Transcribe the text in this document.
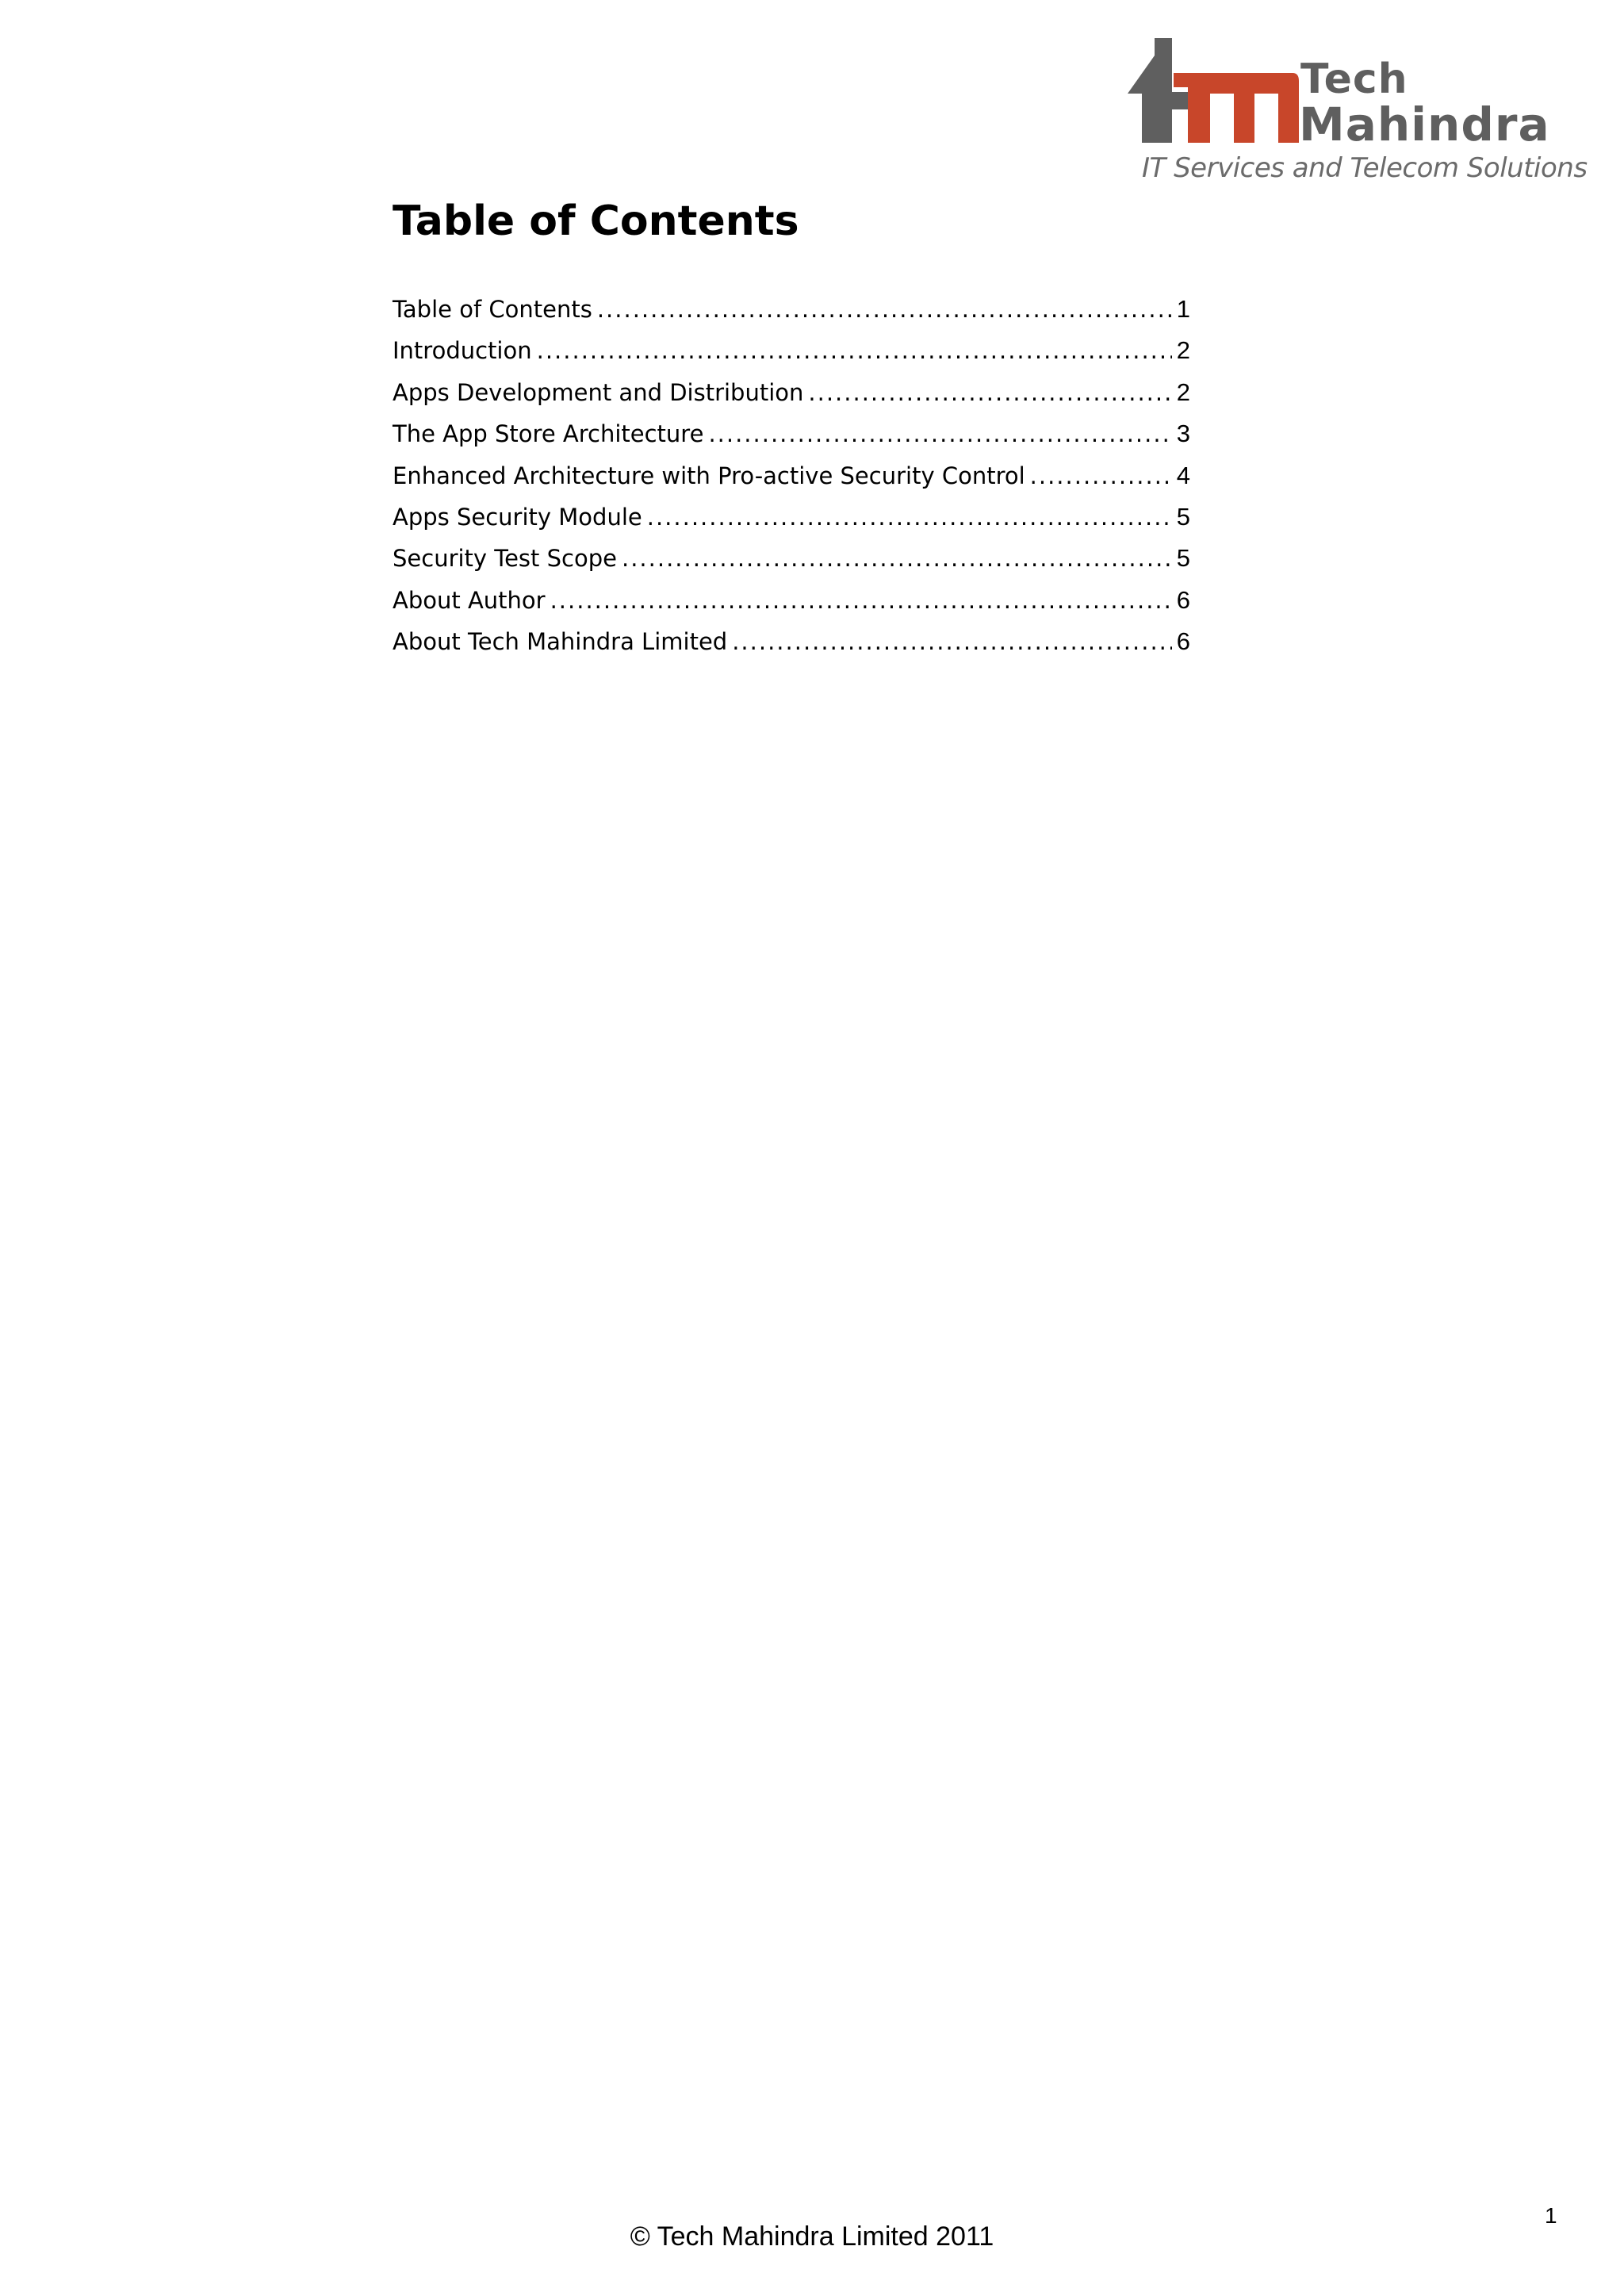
Tech
Mahindra
IT Services and Telecom Solutions
Table of Contents
Table of Contents .....	1
Introduction .....	2
Apps Development and Distribution .....	2
The App Store Architecture .....	3
Enhanced Architecture with Pro-active Security Control .....	4
Apps Security Module .....	5
Security Test Scope .....	5
About Author .....	6
About Tech Mahindra Limited .....	6
1
© Tech Mahindra Limited 2011
